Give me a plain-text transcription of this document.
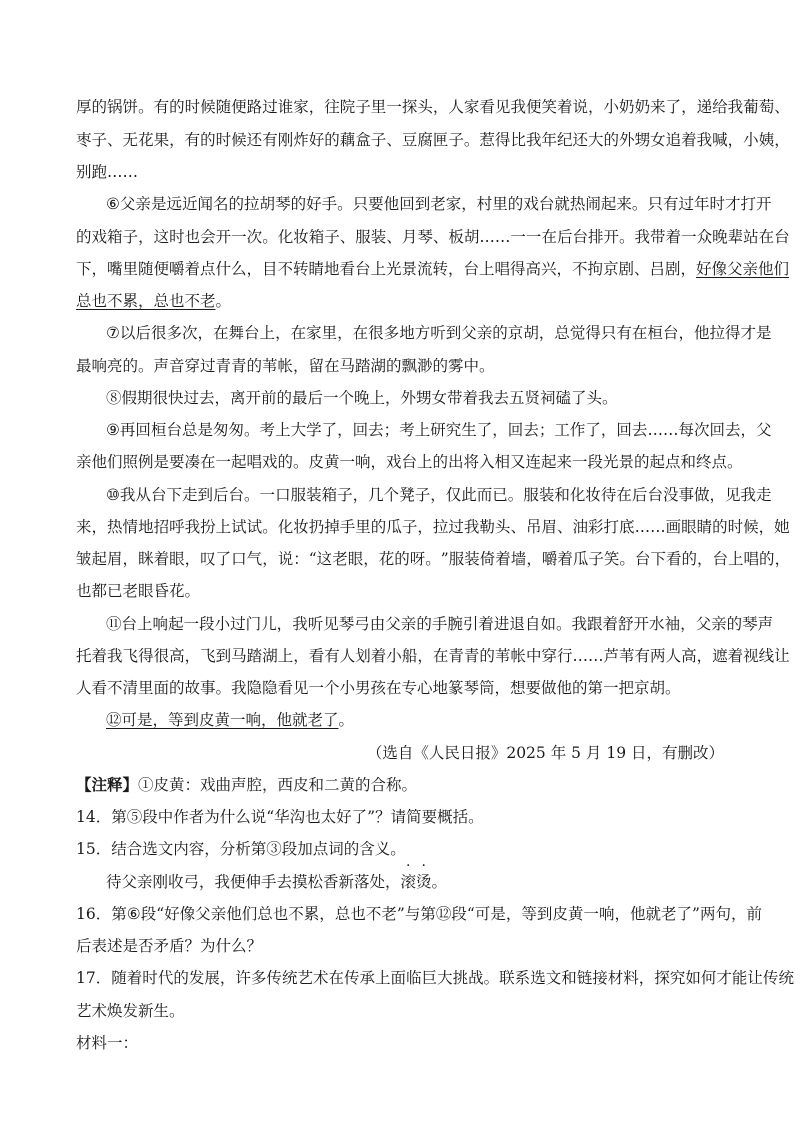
厚 的 锅 饼 。 有 的 时 候 随 便 路 过 谁 家 ， 往 院 子 里 一 探 头 ， 人 家 看 见 我 便 笑 着 说 ， 小 奶 奶 来 了 ， 递 给 我 葡 萄 、
枣 子 、 无 花 果 ， 有 的 时 候 还 有 刚 炸 好 的 藕 盒 子 、 豆 腐 匣 子 。 惹 得 比 我 年 纪 还 大 的 外 甥 女 追 着 我 喊 ， 小 姨 ，
别跑……
⑥ 父 亲 是 远 近 闻 名 的 拉 胡 琴 的 好 手 。 只 要 他 回 到 老 家 ， 村 里 的 戏 台 就 热 闹 起 来 。 只 有 过 年 时 才 打 开
的 戏 箱 子 ， 这 时 也 会 开 一 次 。 化 妆 箱 子 、 服 装 、 月 琴 、 板 胡 … … 一 一 在 后 台 排 开 。 我 带 着 一 众 晚 辈 站 在 台
下，嘴里随便嚼着点什么，目不转睛地看台上光景流转，台上唱得高兴，不拘京剧、吕剧，好像父亲他们
总也不累，总也不老。
⑦ 以 后 很 多 次 ， 在 舞 台 上 ， 在 家 里 ， 在 很 多 地 方 听 到 父 亲 的 京 胡 ， 总 觉 得 只 有 在 桓 台 ， 他 拉 得 才 是
最响亮的。声音穿过青青的苇帐，留在马踏湖的飘渺的雾中。
⑧假期很快过去，离开前的最后一个晚上，外甥女带着我去五贤祠磕了头。
⑨ 再 回 桓 台 总 是 匆 匆 。 考 上 大 学 了 ， 回 去 ； 考 上 研 究 生 了 ， 回 去 ； 工 作 了 ， 回 去 … … 每 次 回 去 ， 父
亲他们照例是要凑在一起唱戏的。皮黄一响，戏台上的出将入相又连起来一段光景的起点和终点。
⑩ 我 从 台 下 走 到 后 台 。 一 口 服 装 箱 子 ， 几 个 凳 子 ， 仅 此 而 已 。 服 装 和 化 妆 待 在 后 台 没 事 做 ， 见 我 走
来 ， 热 情 地 招 呼 我 扮 上 试 试 。 化 妆 扔 掉 手 里 的 瓜 子 ， 拉 过 我 勒 头 、 吊 眉 、 油 彩 打 底 … … 画 眼 睛 的 时 候 ， 她
皱 起 眉 ， 眯 着 眼 ， 叹 了 口 气 ， 说 ： “ 这 老 眼 ， 花 的 呀 。 ” 服 装 倚 着 墙 ， 嚼 着 瓜 子 笑 。 台 下 看 的 ， 台 上 唱 的 ，
也都已老眼昏花。
⑪ 台 上 响 起 一 段 小 过 门 儿 ， 我 听 见 琴 弓 由 父 亲 的 手 腕 引 着 进 退 自 如 。 我 跟 着 舒 开 水 袖 ， 父 亲 的 琴 声
托 着 我 飞 得 很 高 ， 飞 到 马 踏 湖 上 ， 看 有 人 划 着 小 船 ， 在 青 青 的 苇 帐 中 穿 行 … … 芦 苇 有 两 人 高 ， 遮 着 视 线 让
人看不清里面的故事。我隐隐看见一个小男孩在专心地篆琴筒，想要做他的第一把京胡。
⑫可是，等到皮黄一响，他就老了。
（选自《人民日报》2025 年 5 月 19 日，有删改）
【注释】①皮黄：戏曲声腔，西皮和二黄的合称。
14．第⑤段中作者为什么说“华沟也太好了”？请简要概括。
15．结合选文内容，分析第③段加点词的含义。
待父亲刚收弓，我便伸手去摸松香新落处，滚烫。
1 6 ． 第 ⑥ 段 “ 好 像 父 亲 他 们 总 也 不 累 ， 总 也 不 老 ” 与 第 ⑫ 段 “ 可 是 ， 等 到 皮 黄 一 响 ， 他 就 老 了 ” 两 句 ， 前
后表述是否矛盾？为什么？
1 7 ． 随 着 时 代 的 发 展 ， 许 多 传 统 艺 术 在 传 承 上 面 临 巨 大 挑 战 。 联 系 选 文 和 链 接 材 料 ， 探 究 如 何 才 能 让 传 统
艺术焕发新生。
材料一：
